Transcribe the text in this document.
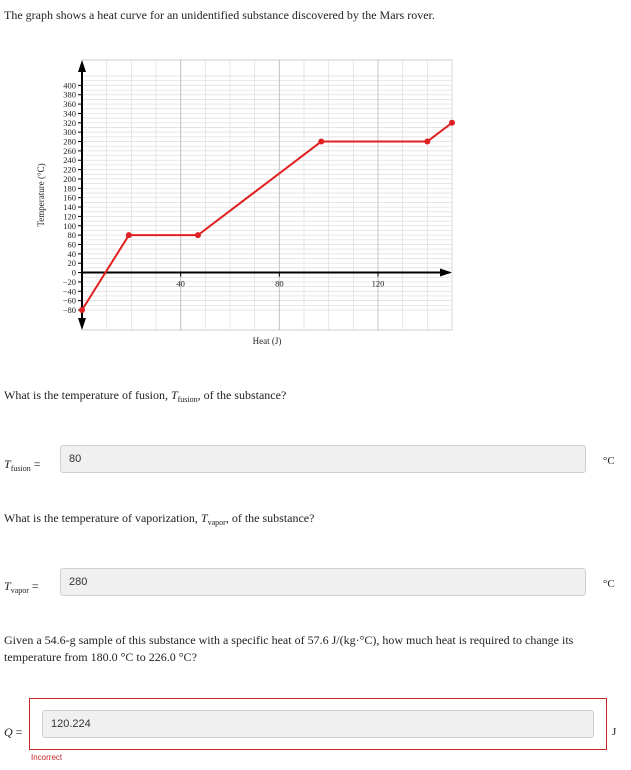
The graph shows a heat curve for an unidentified substance discovered by the Mars rover.
−80
−60
−40
−20
0
20
40
60
80
100
120
140
160
180
200
220
240
260
280
300
320
340
360
380
400
40	80	120
Heat (J)
Temperature (°C)
What is the temperature of fusion, $T_{fusion}$, of the substance?
$T_{fusion}$ =	80	°C
What is the temperature of vaporization, $T_{vapor}$, of the substance?
$T_{vapor}$ =	280	°C
Given a 54.6-g sample of this substance with a specific heat of 57.6 J/(kg·°C), how much heat is required to change its temperature from 180.0 °C to 226.0 °C?
Q =
120.224
J
Incorrect
